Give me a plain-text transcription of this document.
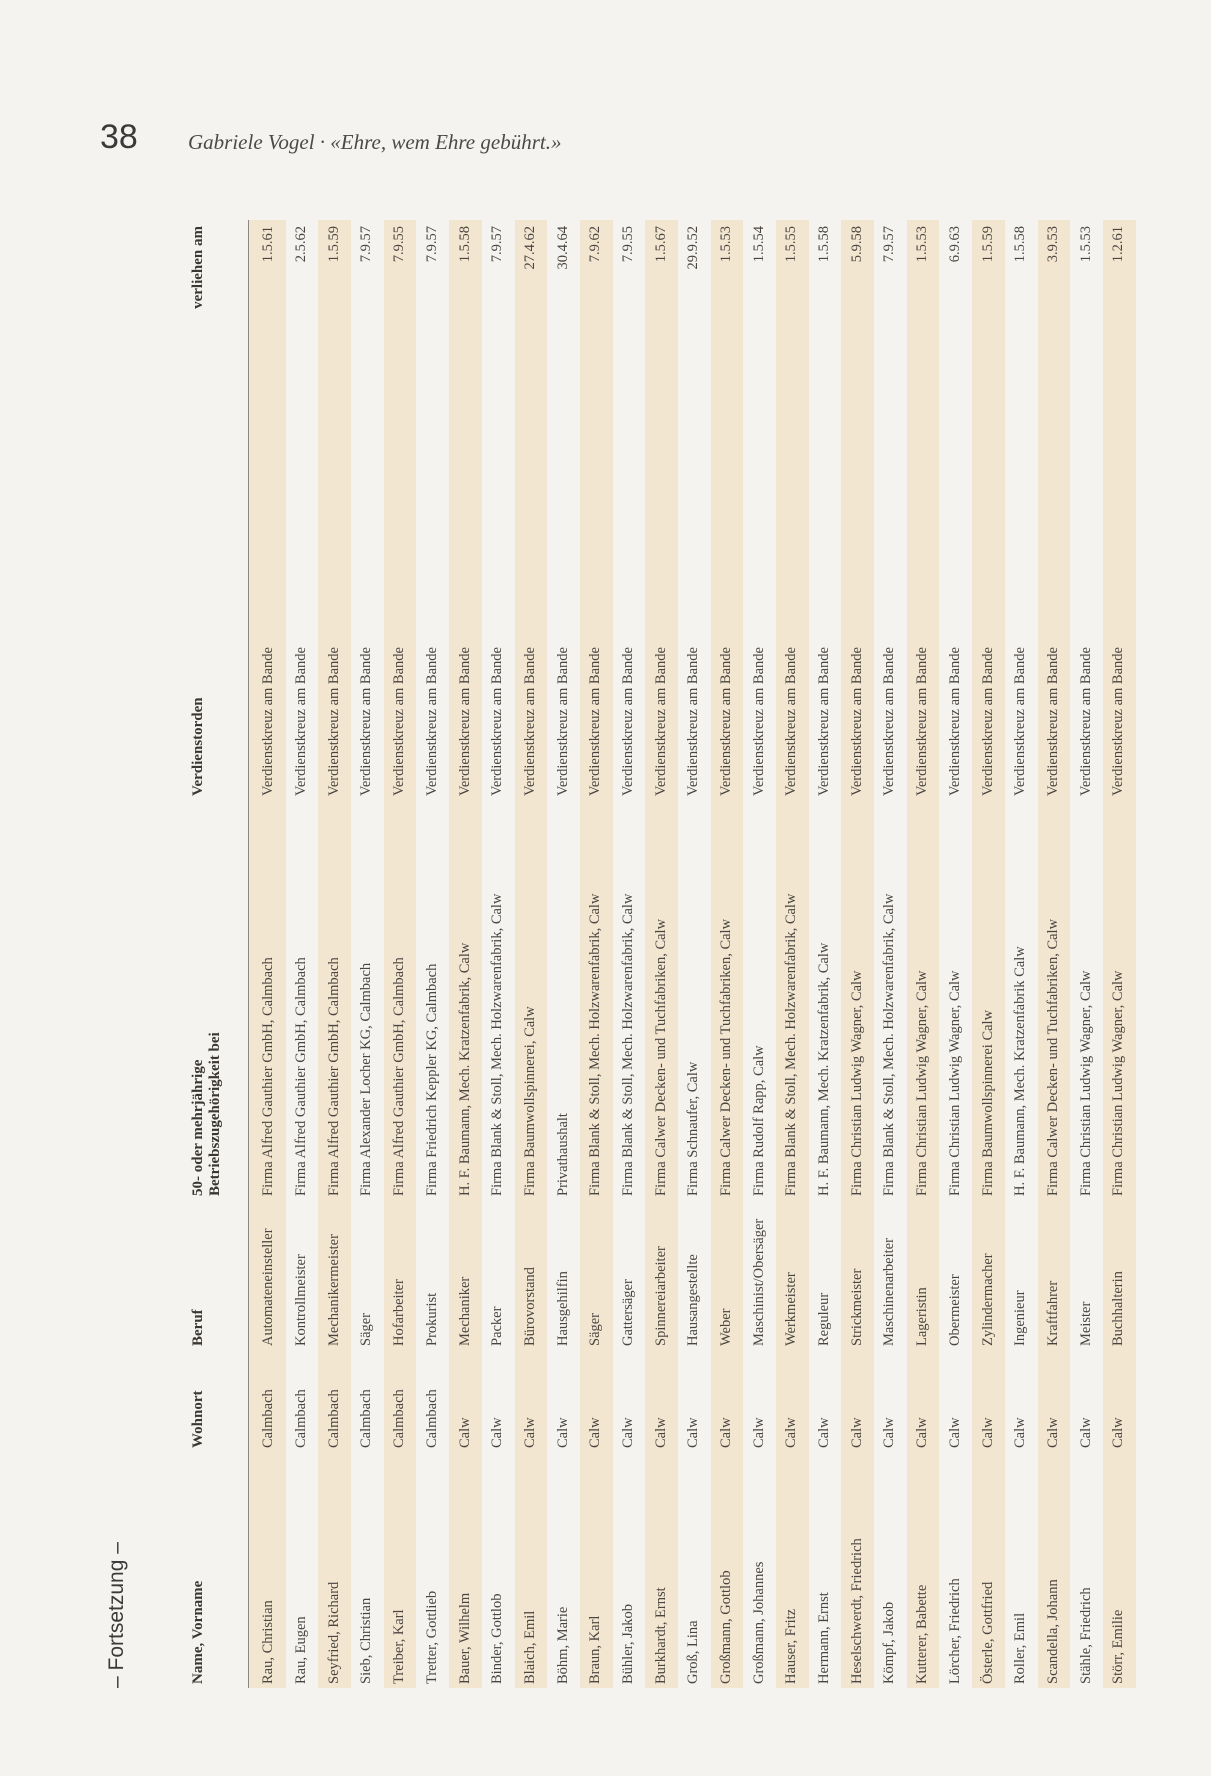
38 Gabriele Vogel · «Ehre, wem Ehre gebührt.»
– Fortsetzung –	Name, Vorname	Wohnort	Beruf	50- oder mehrjährige Betriebszugehörigkeit bei	Verdienstorden	verliehen am
Rau, Christian	Calmbach	Automateneinsteller	Firma Alfred Gauthier GmbH, Calmbach	Verdienstkreuz am Bande	1.5.61
Rau, Eugen	Calmbach	Kontrollmeister	Firma Alfred Gauthier GmbH, Calmbach	Verdienstkreuz am Bande	2.5.62
Seyfried, Richard	Calmbach	Mechanikermeister	Firma Alfred Gauthier GmbH, Calmbach	Verdienstkreuz am Bande	1.5.59
Sieb, Christian	Calmbach	Säger	Firma Alexander Locher KG, Calmbach	Verdienstkreuz am Bande	7.9.57
Treiber, Karl	Calmbach	Hofarbeiter	Firma Alfred Gauthier GmbH, Calmbach	Verdienstkreuz am Bande	7.9.55
Tretter, Gottlieb	Calmbach	Prokurist	Firma Friedrich Keppler KG, Calmbach	Verdienstkreuz am Bande	7.9.57
Bauer, Wilhelm	Calw	Mechaniker	H. F. Baumann, Mech. Kratzenfabrik, Calw	Verdienstkreuz am Bande	1.5.58
Binder, Gottlob	Calw	Packer	Firma Blank & Stoll, Mech. Holzwarenfabrik, Calw	Verdienstkreuz am Bande	7.9.57
Blaich, Emil	Calw	Bürovorstand	Firma Baumwollspinnerei, Calw	Verdienstkreuz am Bande	27.4.62
Böhm, Marie	Calw	Hausgehilfin	Privathaushalt	Verdienstkreuz am Bande	30.4.64
Braun, Karl	Calw	Säger	Firma Blank & Stoll, Mech. Holzwarenfabrik, Calw	Verdienstkreuz am Bande	7.9.62
Bühler, Jakob	Calw	Gattersäger	Firma Blank & Stoll, Mech. Holzwarenfabrik, Calw	Verdienstkreuz am Bande	7.9.55
Burkhardt, Ernst	Calw	Spinnereiarbeiter	Firma Calwer Decken- und Tuchfabriken, Calw	Verdienstkreuz am Bande	1.5.67
Groß, Lina	Calw	Hausangestellte	Firma Schnaufer, Calw	Verdienstkreuz am Bande	29.9.52
Großmann, Gottlob	Calw	Weber	Firma Calwer Decken- und Tuchfabriken, Calw	Verdienstkreuz am Bande	1.5.53
Großmann, Johannes	Calw	Maschinist/Obersäger	Firma Rudolf Rapp, Calw	Verdienstkreuz am Bande	1.5.54
Hauser, Fritz	Calw	Werkmeister	Firma Blank & Stoll, Mech. Holzwarenfabrik, Calw	Verdienstkreuz am Bande	1.5.55
Hermann, Ernst	Calw	Reguleur	H. F. Baumann, Mech. Kratzenfabrik, Calw	Verdienstkreuz am Bande	1.5.58
Heselschwerdt, Friedrich	Calw	Strickmeister	Firma Christian Ludwig Wagner, Calw	Verdienstkreuz am Bande	5.9.58
Kömpf, Jakob	Calw	Maschinenarbeiter	Firma Blank & Stoll, Mech. Holzwarenfabrik, Calw	Verdienstkreuz am Bande	7.9.57
Kutterer, Babette	Calw	Lageristin	Firma Christian Ludwig Wagner, Calw	Verdienstkreuz am Bande	1.5.53
Lörcher, Friedrich	Calw	Obermeister	Firma Christian Ludwig Wagner, Calw	Verdienstkreuz am Bande	6.9.63
Österle, Gottfried	Calw	Zylindermacher	Firma Baumwollspinnerei Calw	Verdienstkreuz am Bande	1.5.59
Roller, Emil	Calw	Ingenieur	H. F. Baumann, Mech. Kratzenfabrik Calw	Verdienstkreuz am Bande	1.5.58
Scandella, Johann	Calw	Kraftfahrer	Firma Calwer Decken- und Tuchfabriken, Calw	Verdienstkreuz am Bande	3.9.53
Stähle, Friedrich	Calw	Meister	Firma Christian Ludwig Wagner, Calw	Verdienstkreuz am Bande	1.5.53
Störr, Emilie	Calw	Buchhalterin	Firma Christian Ludwig Wagner, Calw	Verdienstkreuz am Bande	1.2.61
